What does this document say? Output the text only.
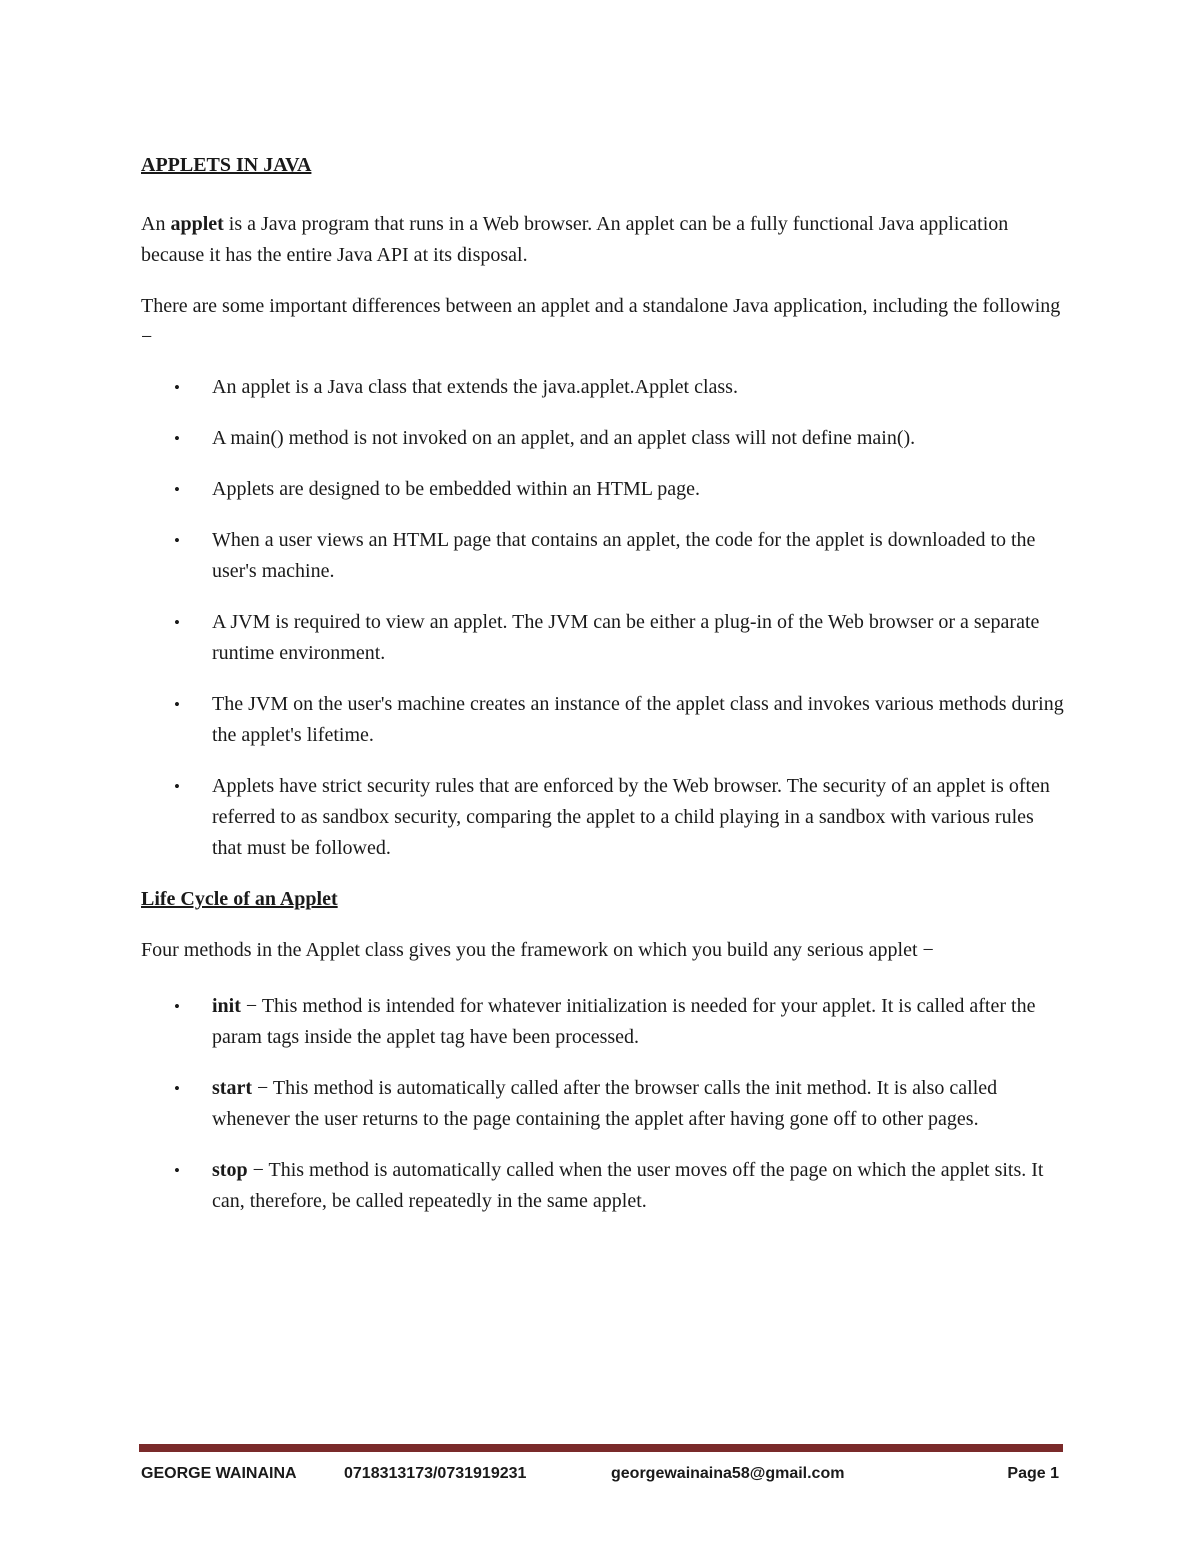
APPLETS IN JAVA

An applet is a Java program that runs in a Web browser. An applet can be a fully functional Java application because it has the entire Java API at its disposal.

There are some important differences between an applet and a standalone Java application, including the following −

• An applet is a Java class that extends the java.applet.Applet class.
• A main() method is not invoked on an applet, and an applet class will not define main().
• Applets are designed to be embedded within an HTML page.
• When a user views an HTML page that contains an applet, the code for the applet is downloaded to the user's machine.
• A JVM is required to view an applet. The JVM can be either a plug-in of the Web browser or a separate runtime environment.
• The JVM on the user's machine creates an instance of the applet class and invokes various methods during the applet's lifetime.
• Applets have strict security rules that are enforced by the Web browser. The security of an applet is often referred to as sandbox security, comparing the applet to a child playing in a sandbox with various rules that must be followed.
Life Cycle of an Applet

Four methods in the Applet class gives you the framework on which you build any serious applet −

• init − This method is intended for whatever initialization is needed for your applet. It is called after the param tags inside the applet tag have been processed.
• start − This method is automatically called after the browser calls the init method. It is also called whenever the user returns to the page containing the applet after having gone off to other pages.
• stop − This method is automatically called when the user moves off the page on which the applet sits. It can, therefore, be called repeatedly in the same applet.
GEORGE WAINAINA	0718313173/0731919231	georgewainaina58@gmail.com	Page 1
